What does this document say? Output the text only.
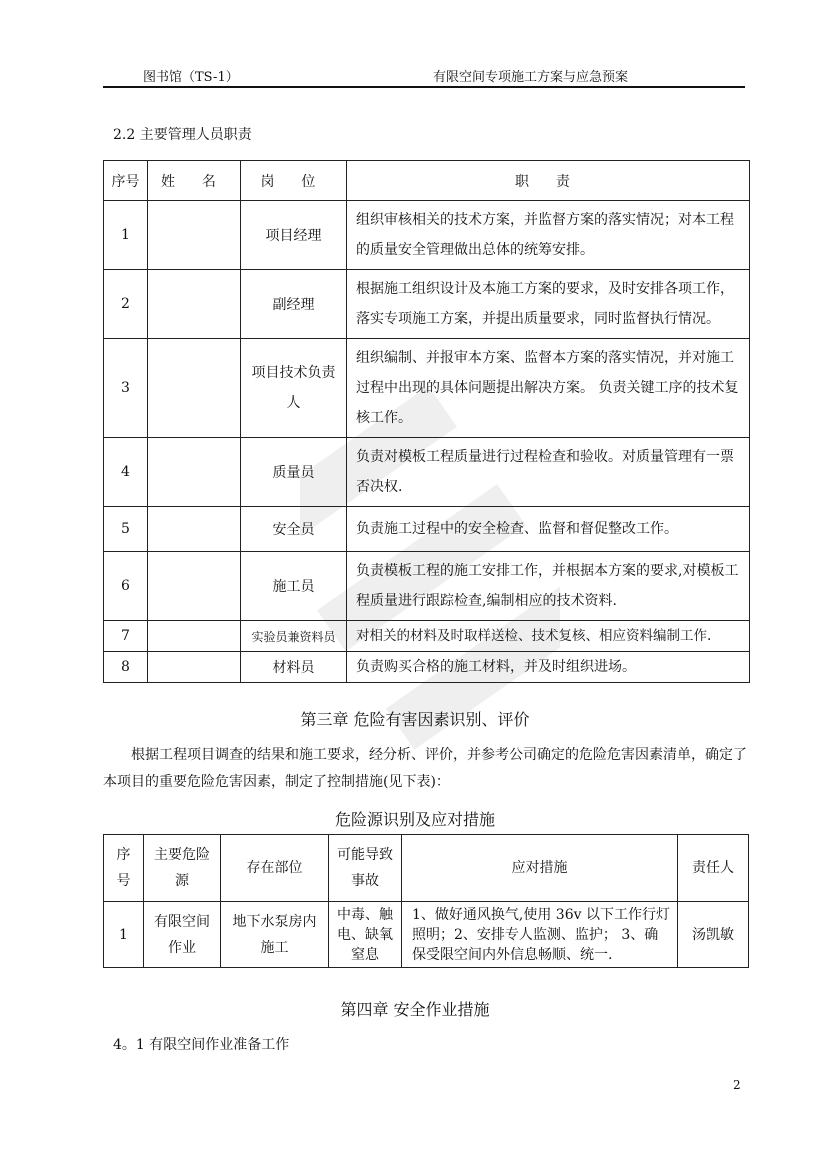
图书馆（TS-1）	有限空间专项施工方案与应急预案
2.2 主要管理人员职责
序号	姓 名	岗 位	职 责
1		项目经理	组织审核相关的技术方案，并监督方案的落实情况；对本工程的质量安全管理做出总体的统筹安排。
2		副经理	根据施工组织设计及本施工方案的要求，及时安排各项工作，落实专项施工方案，并提出质量要求，同时监督执行情况。
3		项目技术负责人	组织编制、并报审本方案、监督本方案的落实情况，并对施工过程中出现的具体问题提出解决方案。 负责关键工序的技术复核工作。
4		质量员	负责对模板工程质量进行过程检查和验收。对质量管理有一票否决权.
5		安全员	负责施工过程中的安全检查、监督和督促整改工作。
6		施工员	负责模板工程的施工安排工作，并根据本方案的要求,对模板工程质量进行跟踪检查,编制相应的技术资料.
7		实验员兼资料员	对相关的材料及时取样送检、技术复核、相应资料编制工作.
8		材料员	负责购买合格的施工材料，并及时组织进场。
第三章 危险有害因素识别、评价
根据工程项目调查的结果和施工要求，经分析、评价，并参考公司确定的危险危害因素清单，确定了本项目的重要危险危害因素，制定了控制措施(见下表)：
危险源识别及应对措施
序号	主要危险源	存在部位	可能导致事故	应对措施	责任人
1	有限空间作业	地下水泵房内施工	中毒、触电、缺氧窒息	1、做好通风换气,使用 36v 以下工作行灯照明；2、安排专人监测、监护； 3、确保受限空间内外信息畅顺、统一.	汤凯敏
第四章 安全作业措施
4。1 有限空间作业准备工作
2
